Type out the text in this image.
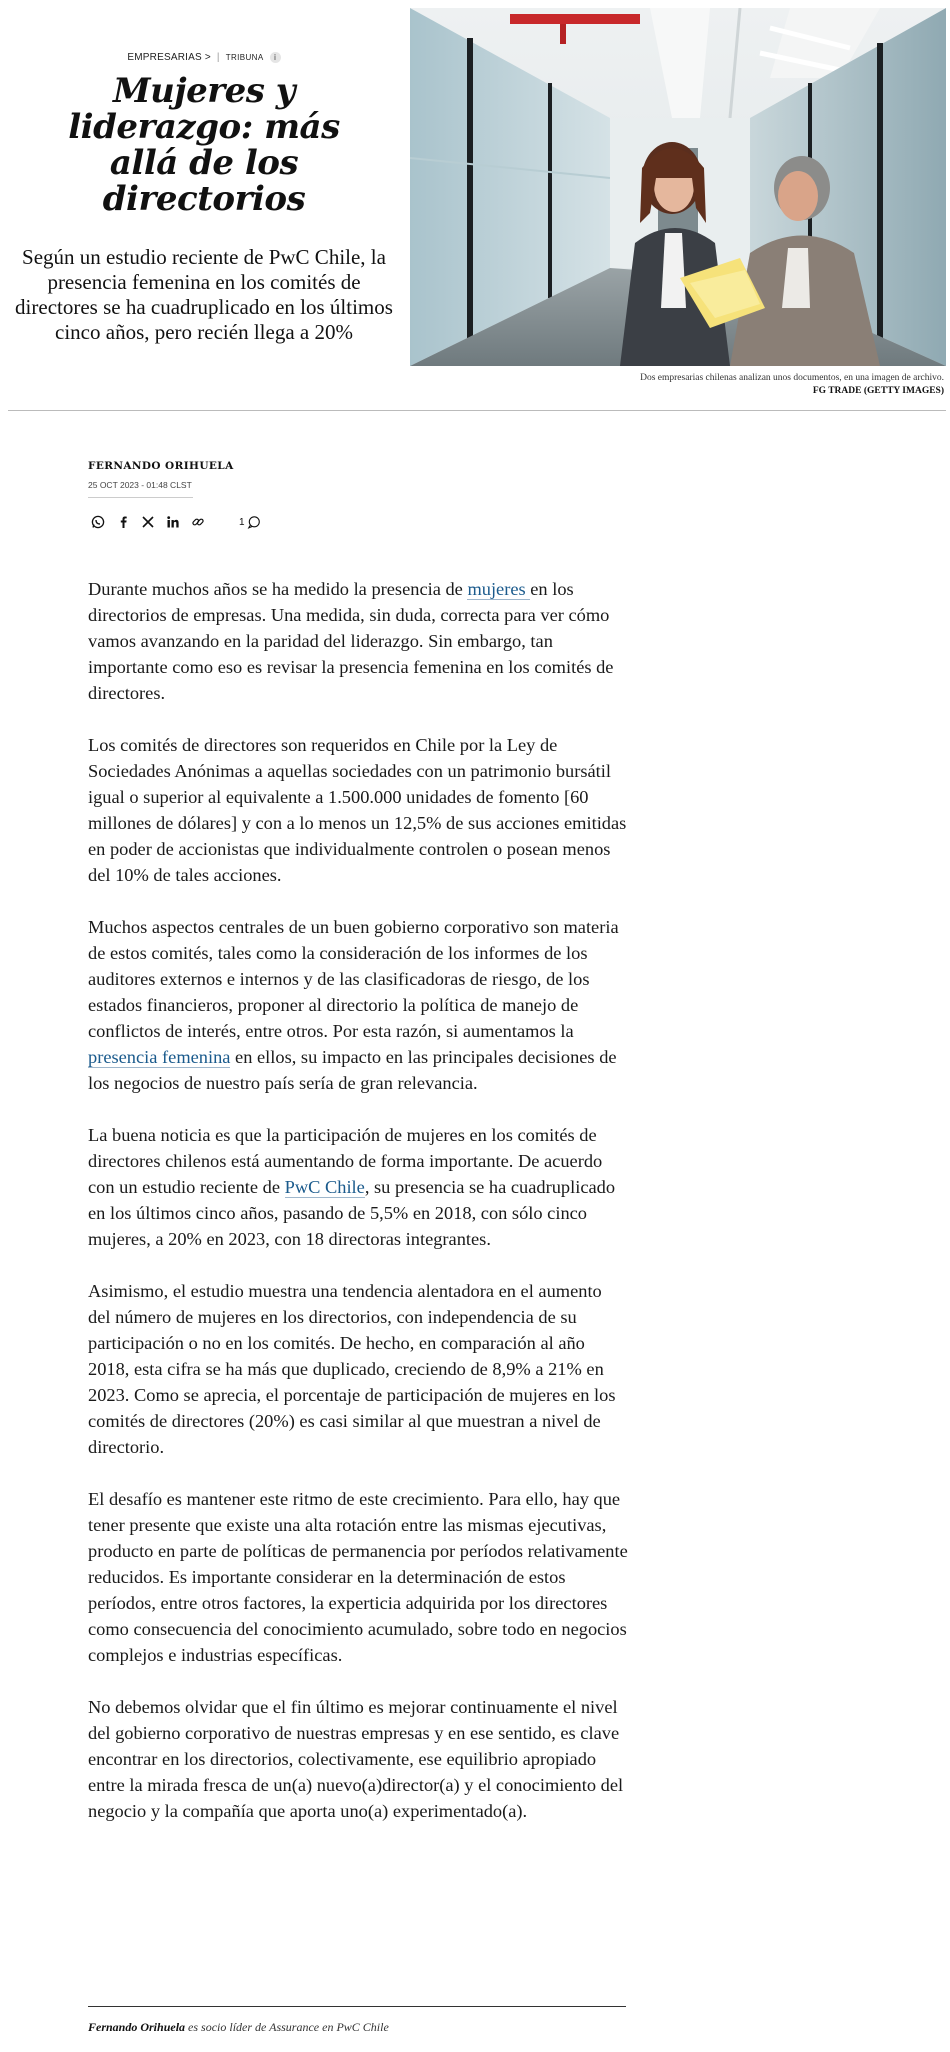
EMPRESARIAS > | TRIBUNA	i
Mujeres y liderazgo: más allá de los directorios

Según un estudio reciente de PwC Chile, la presencia femenina en los comités de directores se ha cuadruplicado en los últimos cinco años, pero recién llega a 20%

Dos empresarias chilenas analizan unos documentos, en una imagen de archivo.
FG TRADE (GETTY IMAGES)
FERNANDO ORIHUELA
25 OCT 2023 - 01:48 CLST
1

Durante muchos años se ha medido la presencia de mujeres en los directorios de empresas. Una medida, sin duda, correcta para ver cómo vamos avanzando en la paridad del liderazgo. Sin embargo, tan importante como eso es revisar la presencia femenina en los comités de directores.

Los comités de directores son requeridos en Chile por la Ley de Sociedades Anónimas a aquellas sociedades con un patrimonio bursátil igual o superior al equivalente a 1.500.000 unidades de fomento [60 millones de dólares] y con a lo menos un 12,5% de sus acciones emitidas en poder de accionistas que individualmente controlen o posean menos del 10% de tales acciones.

Muchos aspectos centrales de un buen gobierno corporativo son materia de estos comités, tales como la consideración de los informes de los auditores externos e internos y de las clasificadoras de riesgo, de los estados financieros, proponer al directorio la política de manejo de conflictos de interés, entre otros. Por esta razón, si aumentamos la presencia femenina en ellos, su impacto en las principales decisiones de los negocios de nuestro país sería de gran relevancia.

La buena noticia es que la participación de mujeres en los comités de directores chilenos está aumentando de forma importante. De acuerdo con un estudio reciente de PwC Chile, su presencia se ha cuadruplicado en los últimos cinco años, pasando de 5,5% en 2018, con sólo cinco mujeres, a 20% en 2023, con 18 directoras integrantes.

Asimismo, el estudio muestra una tendencia alentadora en el aumento del número de mujeres en los directorios, con independencia de su participación o no en los comités. De hecho, en comparación al año 2018, esta cifra se ha más que duplicado, creciendo de 8,9% a 21% en 2023. Como se aprecia, el porcentaje de participación de mujeres en los comités de directores (20%) es casi similar al que muestran a nivel de directorio.

El desafío es mantener este ritmo de este crecimiento. Para ello, hay que tener presente que existe una alta rotación entre las mismas ejecutivas, producto en parte de políticas de permanencia por períodos relativamente reducidos. Es importante considerar en la determinación de estos períodos, entre otros factores, la experticia adquirida por los directores como consecuencia del conocimiento acumulado, sobre todo en negocios complejos e industrias específicas.

No debemos olvidar que el fin último es mejorar continuamente el nivel del gobierno corporativo de nuestras empresas y en ese sentido, es clave encontrar en los directorios, colectivamente, ese equilibrio apropiado entre la mirada fresca de un(a) nuevo(a)director(a) y el conocimiento del negocio y la compañía que aporta uno(a) experimentado(a).

Fernando Orihuela es socio líder de Assurance en PwC Chile
